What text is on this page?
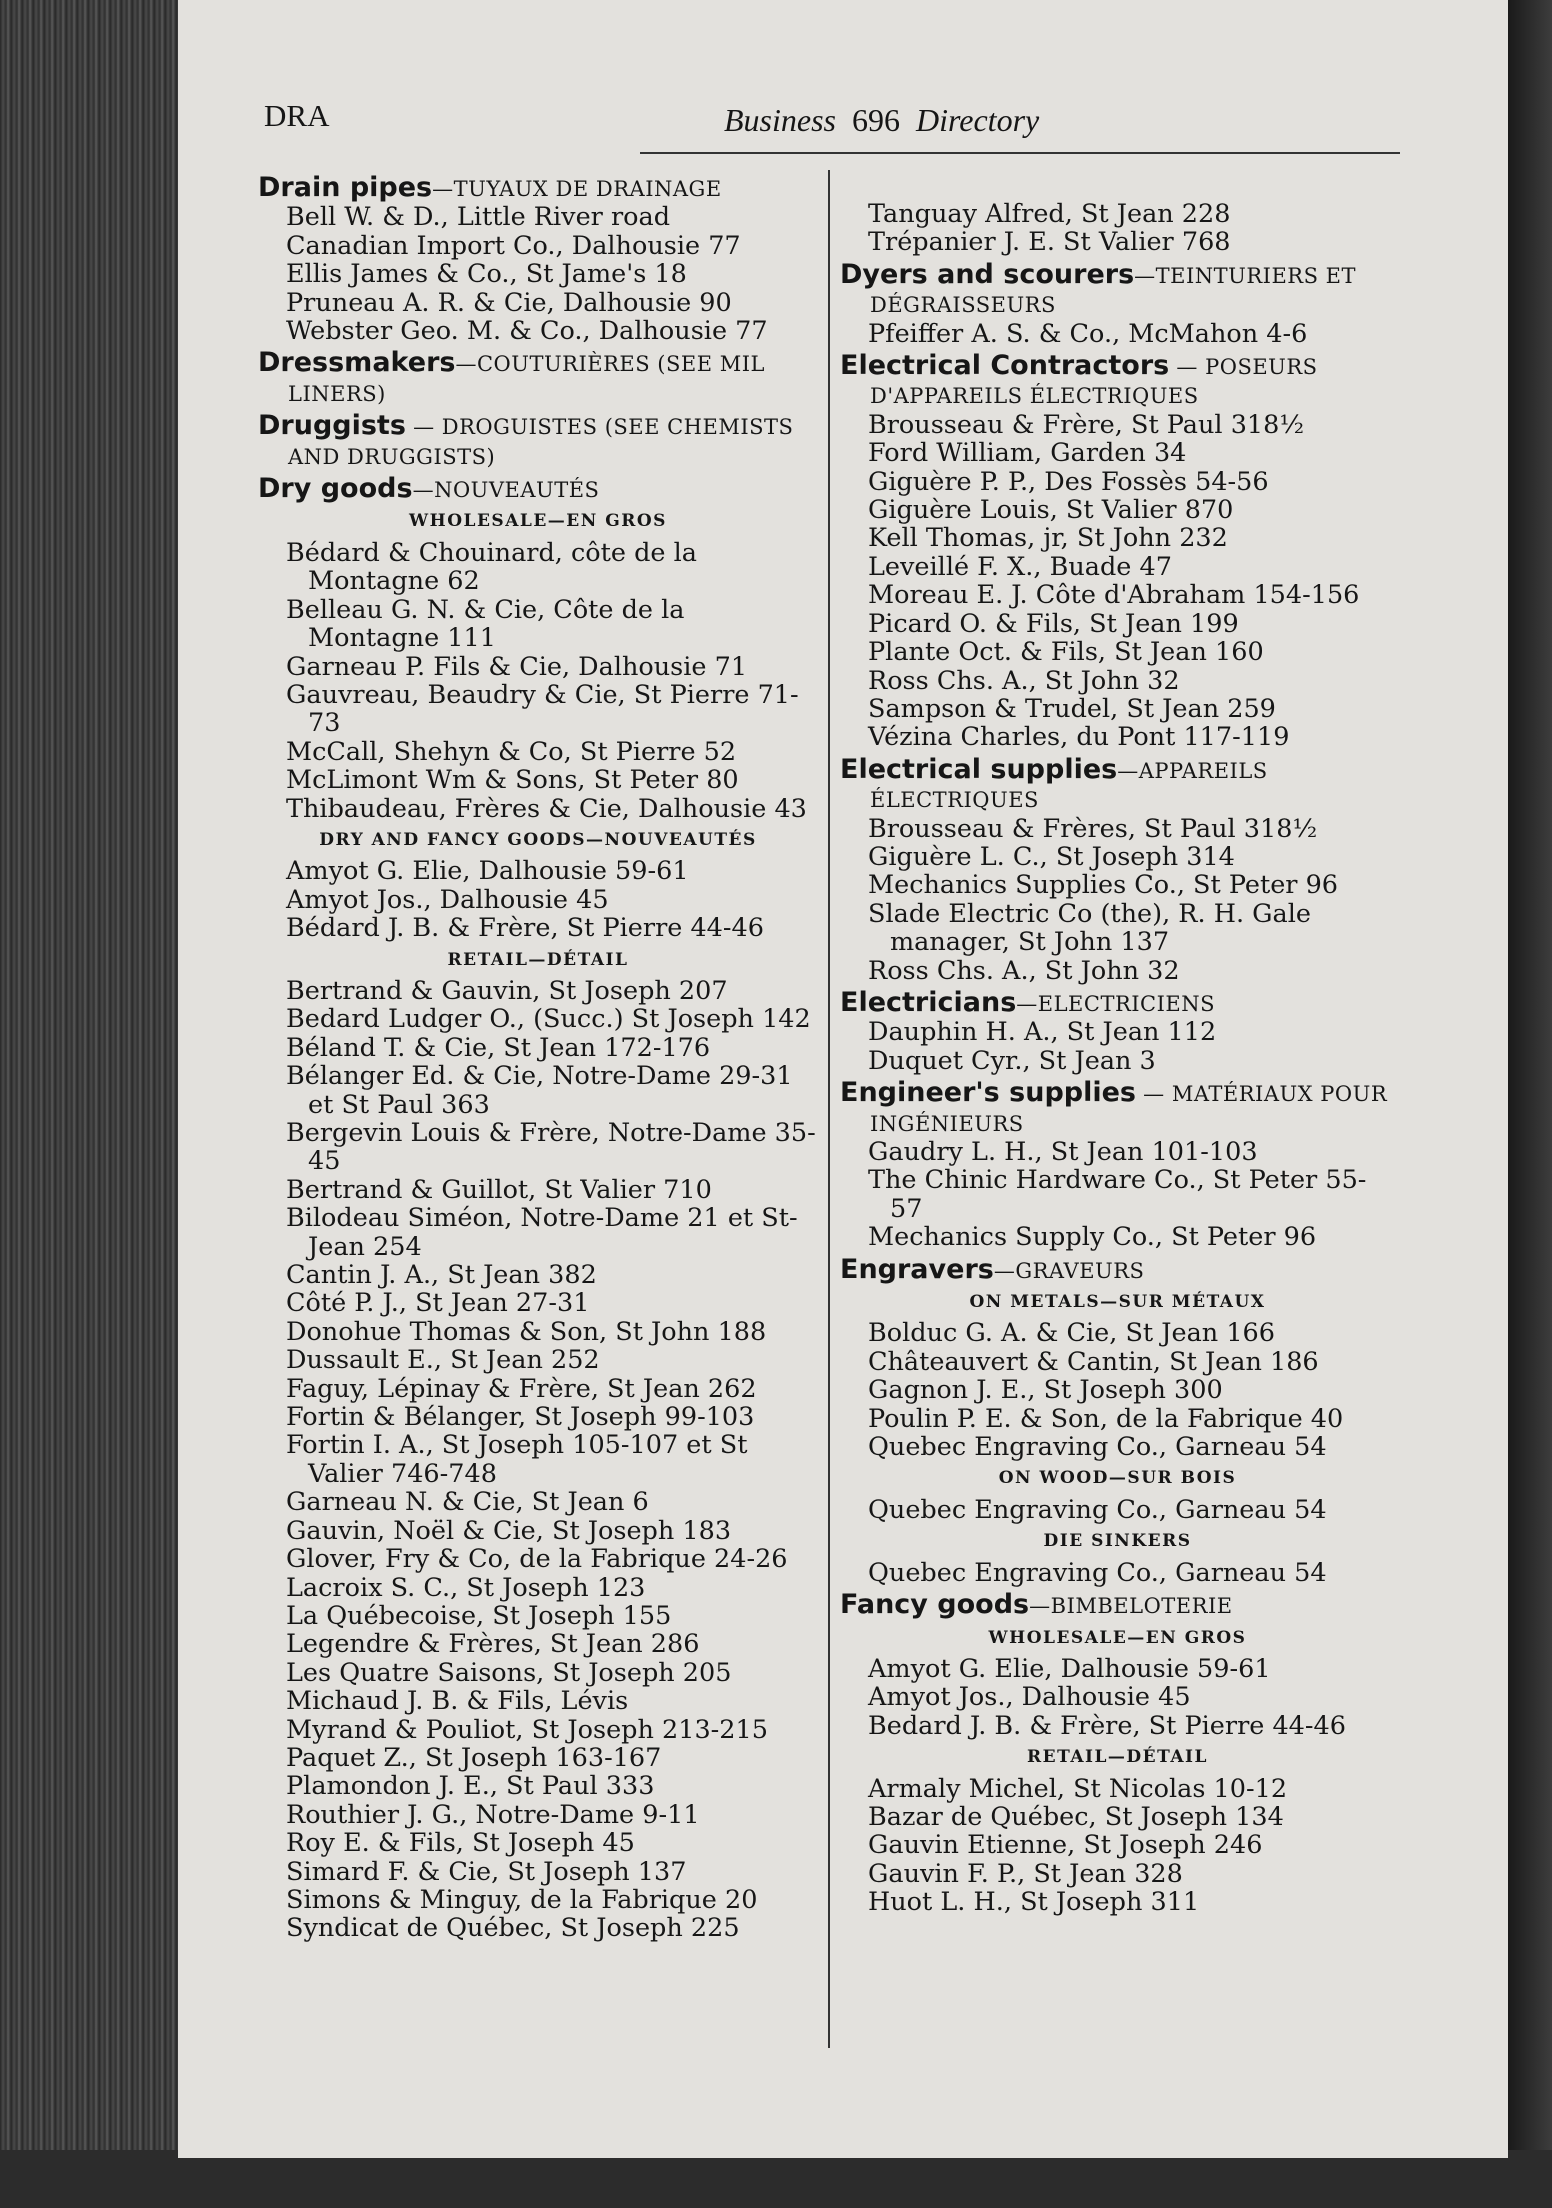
DRA	Business 696 Directory
Drain pipes—TUYAUX DE DRAINAGE
Bell W. & D., Little River road
Canadian Import Co., Dalhousie 77
Ellis James & Co., St Jame's 18
Pruneau A. R. & Cie, Dalhousie 90
Webster Geo. M. & Co., Dalhousie 77
Dressmakers—COUTURIÈRES (SEE MIL LINERS)
Druggists — DROGUISTES (SEE CHEMISTS AND DRUGGISTS)
Dry goods—NOUVEAUTÉS
WHOLESALE—EN GROS
Bédard & Chouinard, côte de la Montagne 62
Belleau G. N. & Cie, Côte de la Montagne 111
Garneau P. Fils & Cie, Dalhousie 71
Gauvreau, Beaudry & Cie, St Pierre 71-73
McCall, Shehyn & Co, St Pierre 52
McLimont Wm & Sons, St Peter 80
Thibaudeau, Frères & Cie, Dalhousie 43
DRY AND FANCY GOODS—NOUVEAUTÉS
Amyot G. Elie, Dalhousie 59-61
Amyot Jos., Dalhousie 45
Bédard J. B. & Frère, St Pierre 44-46
RETAIL—DÉTAIL
Bertrand & Gauvin, St Joseph 207
Bedard Ludger O., (Succ.) St Joseph 142
Béland T. & Cie, St Jean 172-176
Bélanger Ed. & Cie, Notre-Dame 29-31 et St Paul 363
Bergevin Louis & Frère, Notre-Dame 35-45
Bertrand & Guillot, St Valier 710
Bilodeau Siméon, Notre-Dame 21 et St-Jean 254
Cantin J. A., St Jean 382
Côté P. J., St Jean 27-31
Donohue Thomas & Son, St John 188
Dussault E., St Jean 252
Faguy, Lépinay & Frère, St Jean 262
Fortin & Bélanger, St Joseph 99-103
Fortin I. A., St Joseph 105-107 et St Valier 746-748
Garneau N. & Cie, St Jean 6
Gauvin, Noël & Cie, St Joseph 183
Glover, Fry & Co, de la Fabrique 24-26
Lacroix S. C., St Joseph 123
La Québecoise, St Joseph 155
Legendre & Frères, St Jean 286
Les Quatre Saisons, St Joseph 205
Michaud J. B. & Fils, Lévis
Myrand & Pouliot, St Joseph 213-215
Paquet Z., St Joseph 163-167
Plamondon J. E., St Paul 333
Routhier J. G., Notre-Dame 9-11
Roy E. & Fils, St Joseph 45
Simard F. & Cie, St Joseph 137
Simons & Minguy, de la Fabrique 20
Syndicat de Québec, St Joseph 225
Tanguay Alfred, St Jean 228
Trépanier J. E. St Valier 768
Dyers and scourers—TEINTURIERS ET DÉGRAISSEURS
Pfeiffer A. S. & Co., McMahon 4-6
Electrical Contractors — POSEURS D'APPAREILS ÉLECTRIQUES
Brousseau & Frère, St Paul 318½
Ford William, Garden 34
Giguère P. P., Des Fossès 54-56
Giguère Louis, St Valier 870
Kell Thomas, jr, St John 232
Leveillé F. X., Buade 47
Moreau E. J. Côte d'Abraham 154-156
Picard O. & Fils, St Jean 199
Plante Oct. & Fils, St Jean 160
Ross Chs. A., St John 32
Sampson & Trudel, St Jean 259
Vézina Charles, du Pont 117-119
Electrical supplies—APPAREILS ÉLECTRIQUES
Brousseau & Frères, St Paul 318½
Giguère L. C., St Joseph 314
Mechanics Supplies Co., St Peter 96
Slade Electric Co (the), R. H. Gale manager, St John 137
Ross Chs. A., St John 32
Electricians—ELECTRICIENS
Dauphin H. A., St Jean 112
Duquet Cyr., St Jean 3
Engineer's supplies — MATÉRIAUX POUR INGÉNIEURS
Gaudry L. H., St Jean 101-103
The Chinic Hardware Co., St Peter 55-57
Mechanics Supply Co., St Peter 96
Engravers—GRAVEURS
ON METALS—SUR MÉTAUX
Bolduc G. A. & Cie, St Jean 166
Châteauvert & Cantin, St Jean 186
Gagnon J. E., St Joseph 300
Poulin P. E. & Son, de la Fabrique 40
Quebec Engraving Co., Garneau 54
ON WOOD—SUR BOIS
Quebec Engraving Co., Garneau 54
DIE SINKERS
Quebec Engraving Co., Garneau 54
Fancy goods—BIMBELOTERIE
WHOLESALE—EN GROS
Amyot G. Elie, Dalhousie 59-61
Amyot Jos., Dalhousie 45
Bedard J. B. & Frère, St Pierre 44-46
RETAIL—DÉTAIL
Armaly Michel, St Nicolas 10-12
Bazar de Québec, St Joseph 134
Gauvin Etienne, St Joseph 246
Gauvin F. P., St Jean 328
Huot L. H., St Joseph 311
